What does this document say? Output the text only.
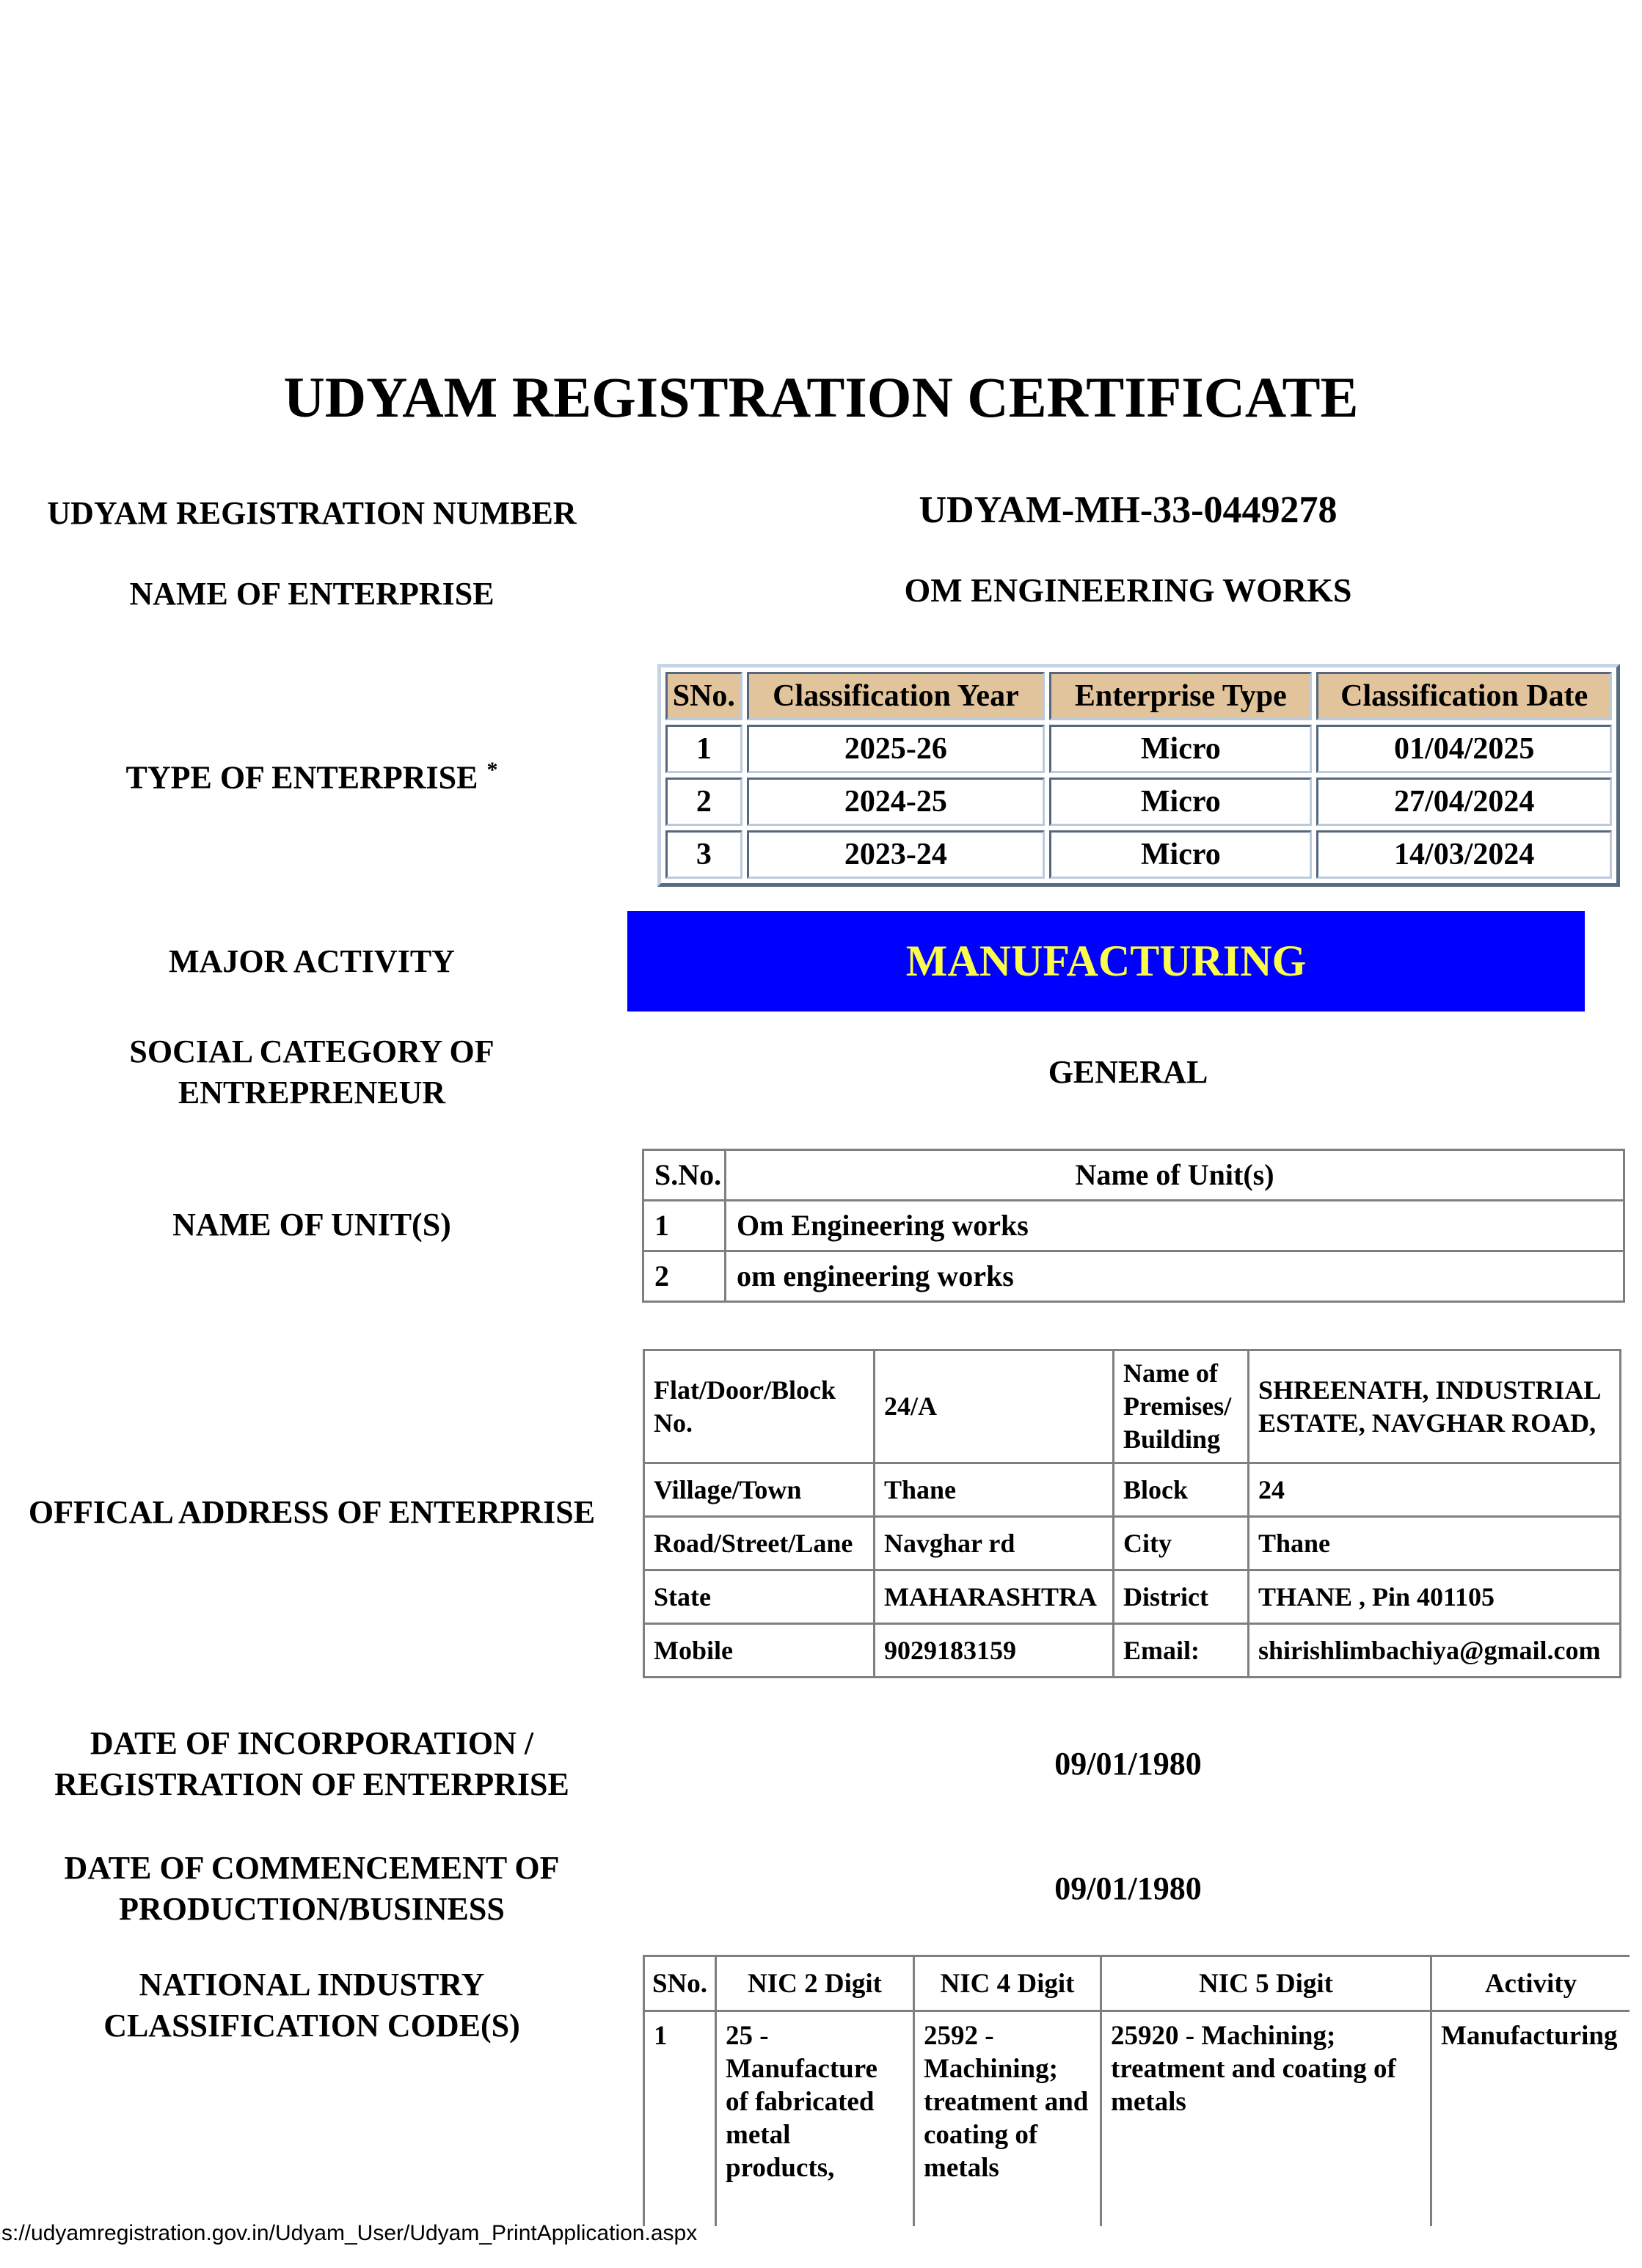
UDYAM REGISTRATION CERTIFICATE
UDYAM REGISTRATION NUMBER	UDYAM-MH-33-0449278
NAME OF ENTERPRISE	OM ENGINEERING WORKS
TYPE OF ENTERPRISE *
SNo.	Classification Year	Enterprise Type	Classification Date
1	2025-26	Micro	01/04/2025
2	2024-25	Micro	27/04/2024
3	2023-24	Micro	14/03/2024
MAJOR ACTIVITY	MANUFACTURING
SOCIAL CATEGORY OF ENTREPRENEUR
GENERAL
NAME OF UNIT(S)
S.No.	Name of Unit(s)
1	Om Engineering works
2	om engineering works
OFFICAL ADDRESS OF ENTERPRISE
Flat/Door/Block No.	24/A	Name of Premises/ Building	SHREENATH, INDUSTRIAL ESTATE, NAVGHAR ROAD,
Village/Town	Thane	Block	24
Road/Street/Lane	Navghar rd	City	Thane
State	MAHARASHTRA	District	THANE , Pin 401105
Mobile	9029183159	Email:	shirishlimbachiya@gmail.com
DATE OF INCORPORATION / REGISTRATION OF ENTERPRISE
09/01/1980
DATE OF COMMENCEMENT OF PRODUCTION/BUSINESS
09/01/1980
NATIONAL INDUSTRY CLASSIFICATION CODE(S)
SNo.	NIC 2 Digit	NIC 4 Digit	NIC 5 Digit	Activity
1	25 - Manufacture of fabricated metal products,	2592 - Machining; treatment and coating of metals	25920 - Machining; treatment and coating of metals	Manufacturing
s://udyamregistration.gov.in/Udyam_User/Udyam_PrintApplication.aspx
